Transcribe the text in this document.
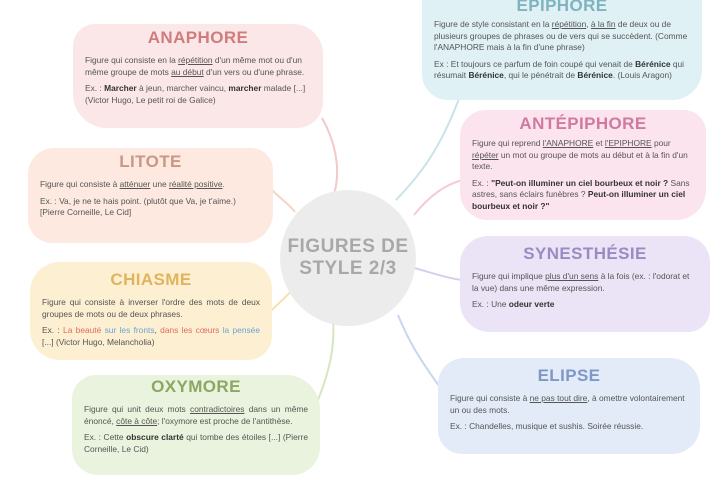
FIGURES DE
STYLE 2/3
ANAPHORE

Figure qui consiste en la répétition d'un même mot ou d'un même groupe de mots au début d'un vers ou d'une phrase.

Ex. : Marcher à jeun, marcher vaincu, marcher malade [...] (Victor Hugo, Le petit roi de Galice)

LITOTE

Figure qui consiste à atténuer une réalité positive.

Ex. : Va, je ne te hais point. (plutôt que Va, je t'aime.) [Pierre Corneille, Le Cid]

CHIASME

Figure qui consiste à inverser l'ordre des mots de deux groupes de mots ou de deux phrases.

Ex. : La beauté sur les fronts, dans les cœurs la pensée [...] (Victor Hugo, Melancholia)

OXYMORE

Figure qui unit deux mots contradictoires dans un même énoncé, côte à côte; l'oxymore est proche de l'antithèse.

Ex. : Cette obscure clarté qui tombe des étoiles [...] (Pierre Corneille, Le Cid)

EPIPHORE

Figure de style consistant en la répétition, à la fin de deux ou de plusieurs groupes de phrases ou de vers qui se succèdent. (Comme l'ANAPHORE mais à la fin d'une phrase)

Ex : Et toujours ce parfum de foin coupé qui venait de Bérénice qui résumait Bérénice, qui le pénétrait de Bérénice. (Louis Aragon)

ANTÉPIPHORE

Figure qui reprend l'ANAPHORE et l'EPIPHORE pour répéter un mot ou groupe de mots au début et à la fin d'un texte.

Ex. : "Peut-on illuminer un ciel bourbeux et noir ? Sans astres, sans éclairs funèbres ? Peut-on illuminer un ciel bourbeux et noir ?"

SYNESTHÉSIE

Figure qui implique plus d'un sens à la fois (ex. : l'odorat et la vue) dans une même expression.

Ex. : Une odeur verte

ELIPSE

Figure qui consiste à ne pas tout dire, à omettre volontairement un ou des mots.

Ex. : Chandelles, musique et sushis. Soirée réussie.
